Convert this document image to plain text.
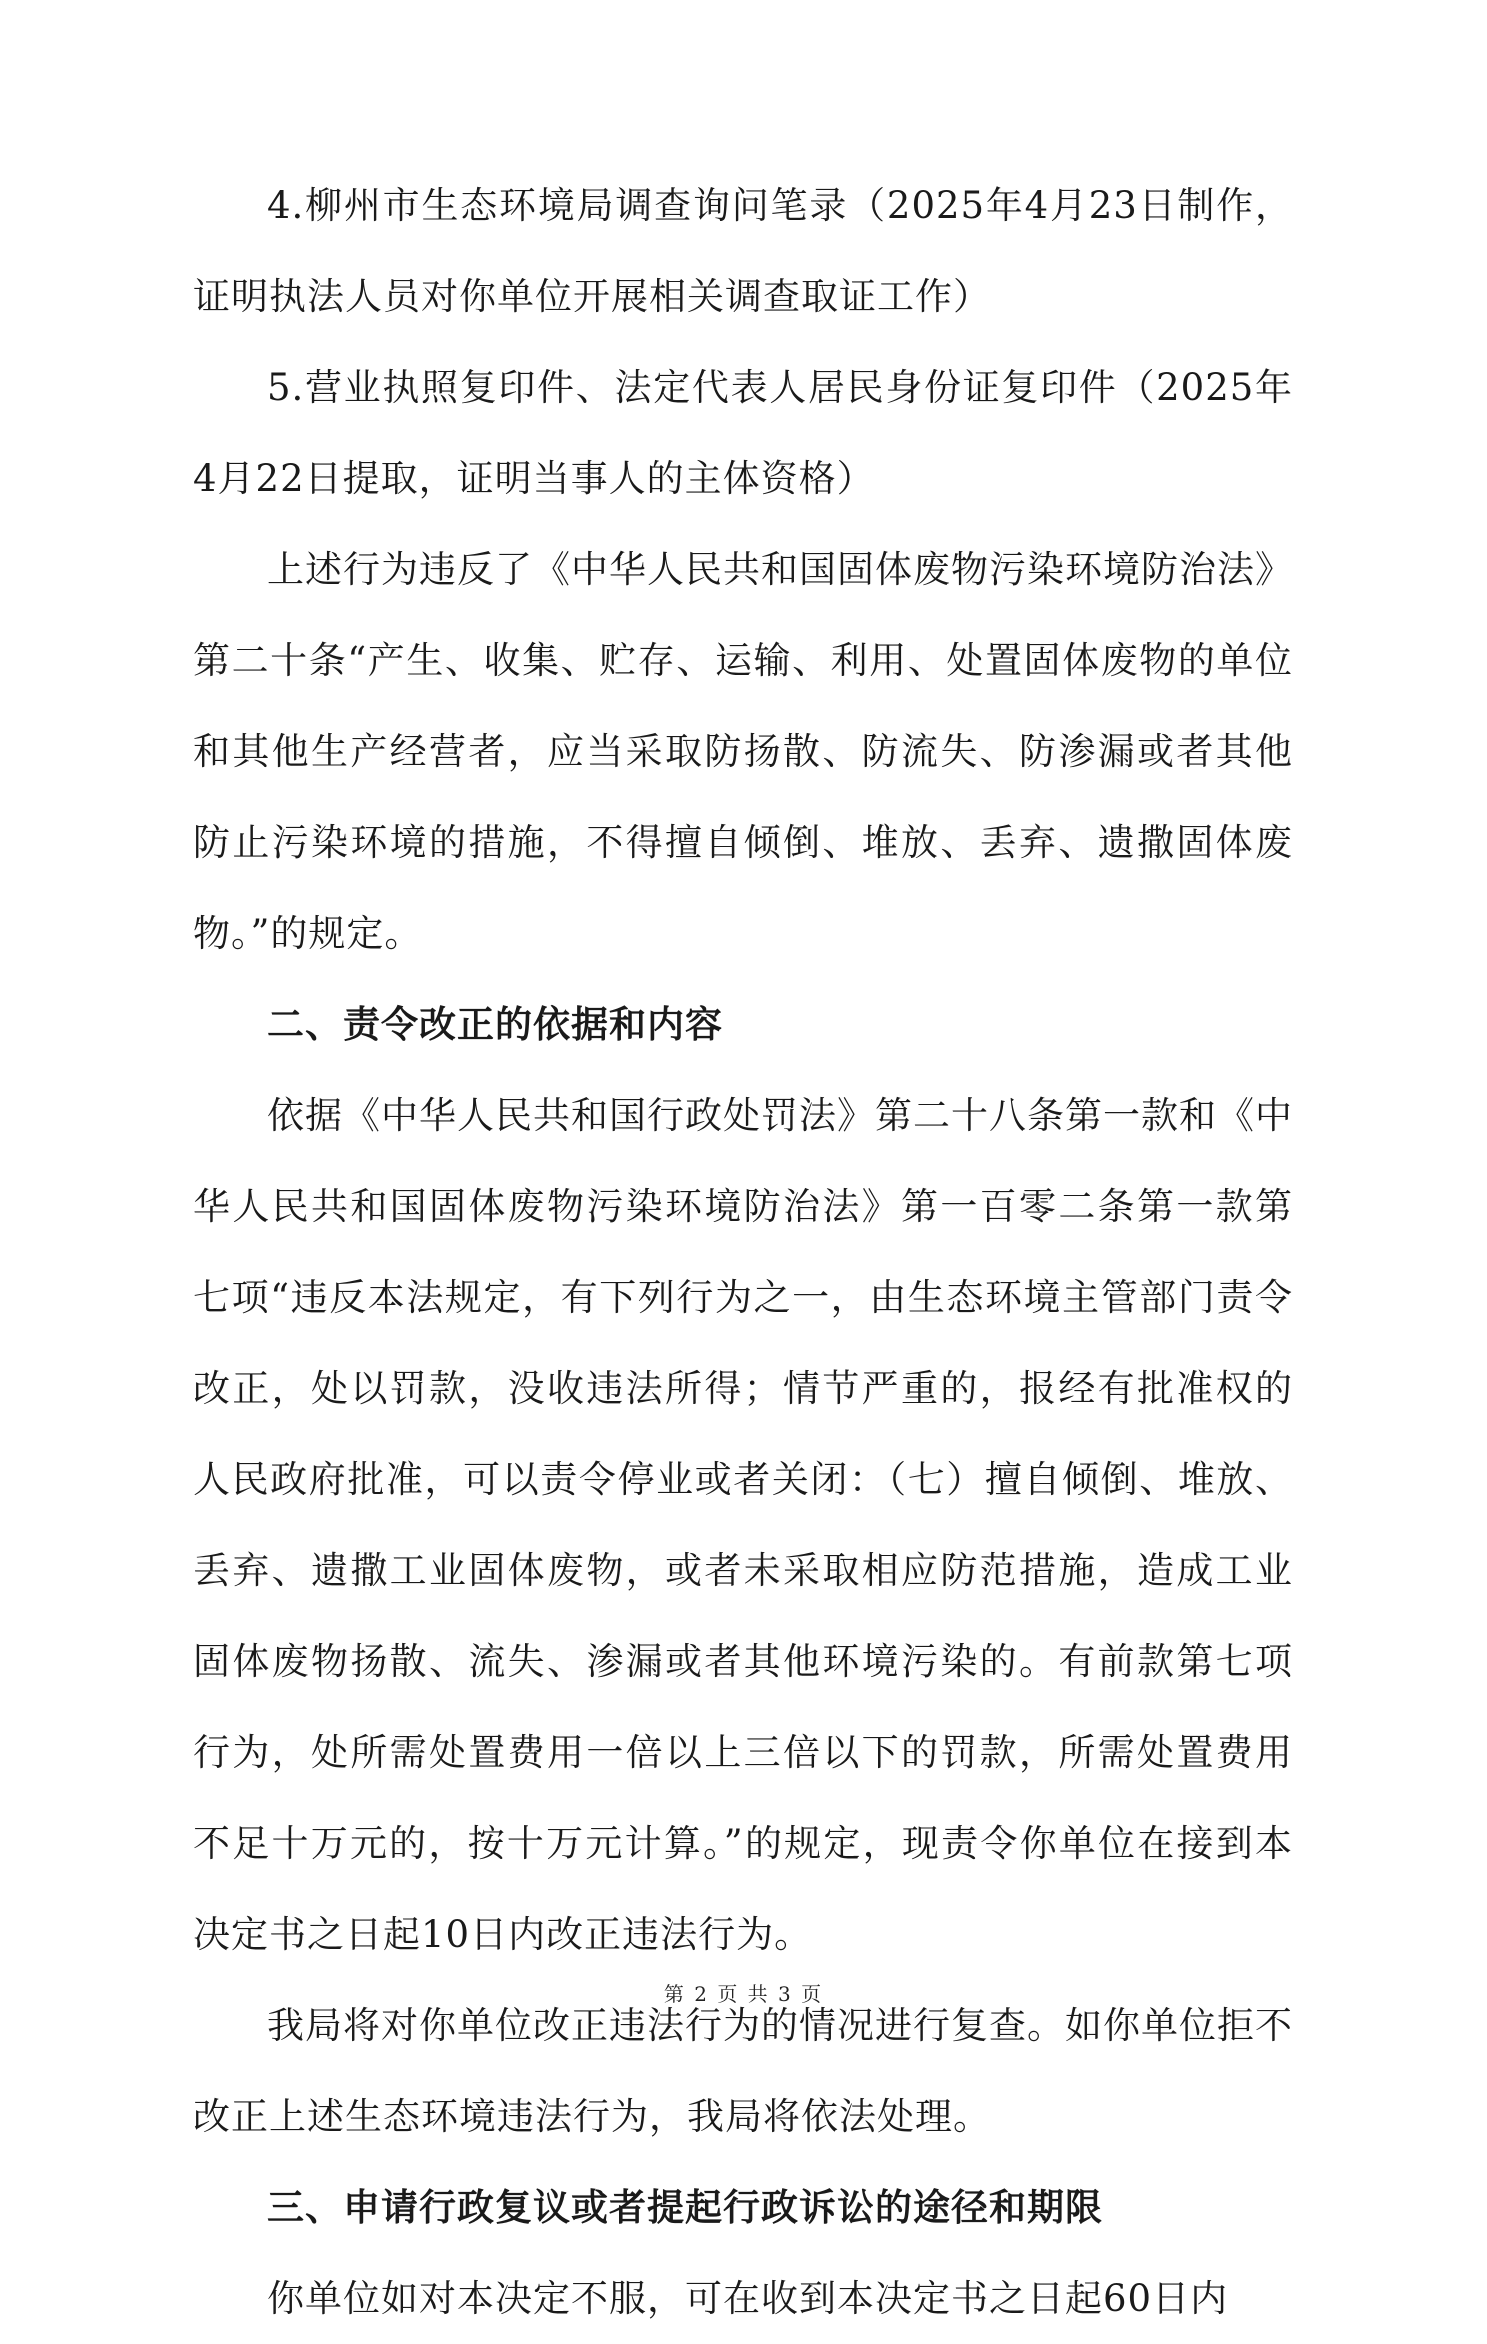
4.柳州市生态环境局调查询问笔录（2025年4月23日制作，证明执法人员对你单位开展相关调查取证工作）

5.营业执照复印件、法定代表人居民身份证复印件（2025年4月22日提取，证明当事人的主体资格）

上述行为违反了《中华人民共和国固体废物污染环境防治法》第二十条“产生、收集、贮存、运输、利用、处置固体废物的单位和其他生产经营者，应当采取防扬散、防流失、防渗漏或者其他防止污染环境的措施，不得擅自倾倒、堆放、丢弃、遗撒固体废物。”的规定。

二、责令改正的依据和内容

依据《中华人民共和国行政处罚法》第二十八条第一款和《中华人民共和国固体废物污染环境防治法》第一百零二条第一款第七项“违反本法规定，有下列行为之一，由生态环境主管部门责令改正，处以罚款，没收违法所得；情节严重的，报经有批准权的人民政府批准，可以责令停业或者关闭：（七）擅自倾倒、堆放、丢弃、遗撒工业固体废物，或者未采取相应防范措施，造成工业固体废物扬散、流失、渗漏或者其他环境污染的。有前款第七项行为，处所需处置费用一倍以上三倍以下的罚款，所需处置费用不足十万元的，按十万元计算。”的规定，现责令你单位在接到本决定书之日起10日内改正违法行为。

我局将对你单位改正违法行为的情况进行复查。如你单位拒不改正上述生态环境违法行为，我局将依法处理。

三、申请行政复议或者提起行政诉讼的途径和期限

你单位如对本决定不服，可在收到本决定书之日起60日内

第 2 页 共 3 页
